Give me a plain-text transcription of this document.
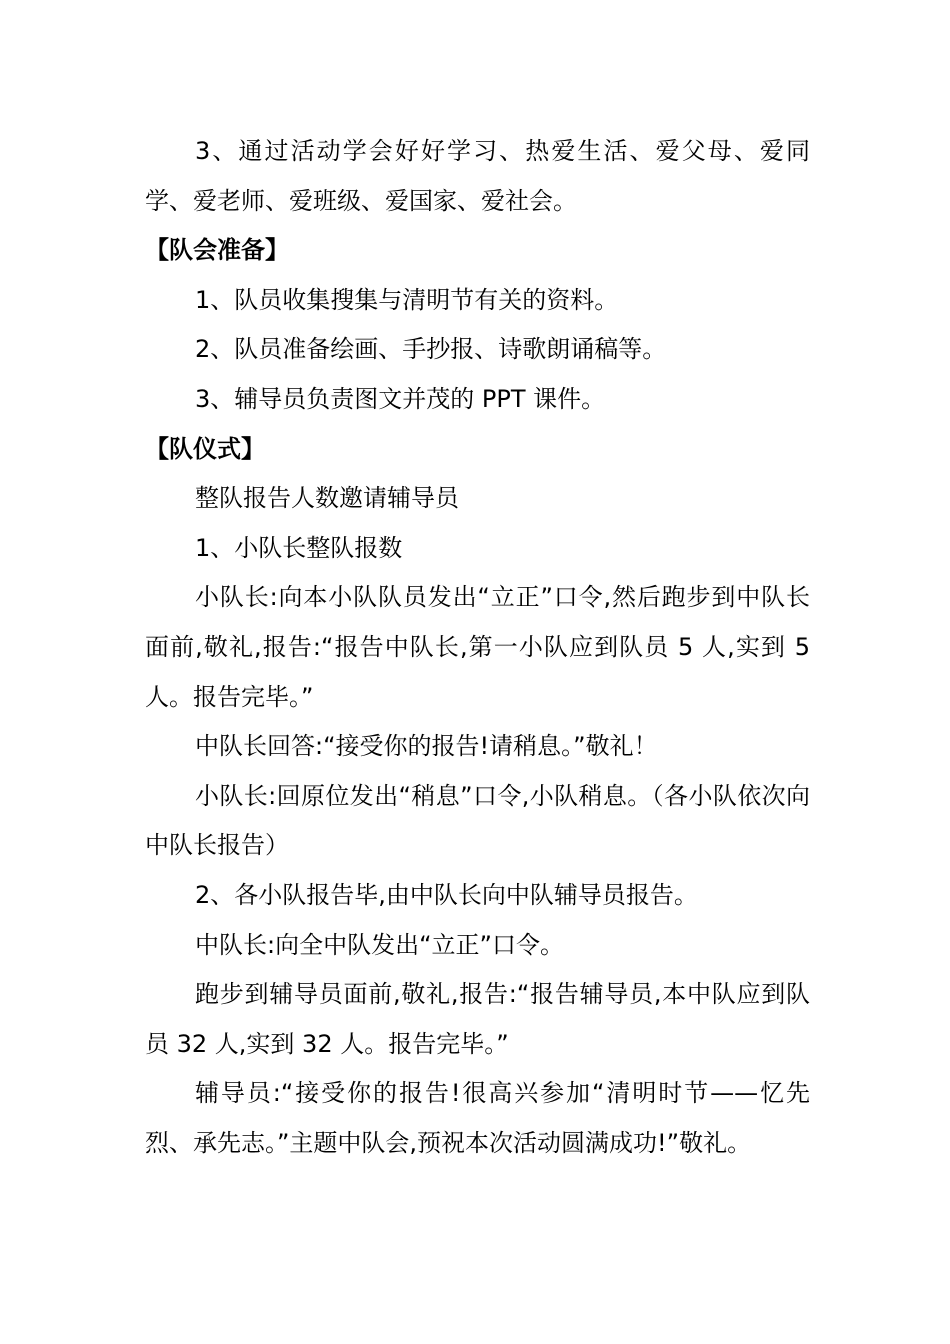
3、通过活动学会好好学习、热爱生活、爱父母、爱同学、爱老师、爱班级、爱国家、爱社会。

【队会准备】

1、队员收集搜集与清明节有关的资料。

2、队员准备绘画、手抄报、诗歌朗诵稿等。

3、辅导员负责图文并茂的 PPT 课件。

【队仪式】

整队报告人数邀请辅导员

1、小队长整队报数

小队长:向本小队队员发出“立正”口令,然后跑步到中队长面前,敬礼,报告:“报告中队长,第一小队应到队员 5 人,实到 5 人。报告完毕。”

中队长回答:“接受你的报告!请稍息。”敬礼！

小队长:回原位发出“稍息”口令,小队稍息。（各小队依次向中队长报告）

2、各小队报告毕,由中队长向中队辅导员报告。

中队长:向全中队发出“立正”口令。

跑步到辅导员面前,敬礼,报告:“报告辅导员,本中队应到队员 32 人,实到 32 人。报告完毕。”

辅导员:“接受你的报告!很高兴参加“清明时节——忆先烈、承先志。”主题中队会,预祝本次活动圆满成功!”敬礼。
